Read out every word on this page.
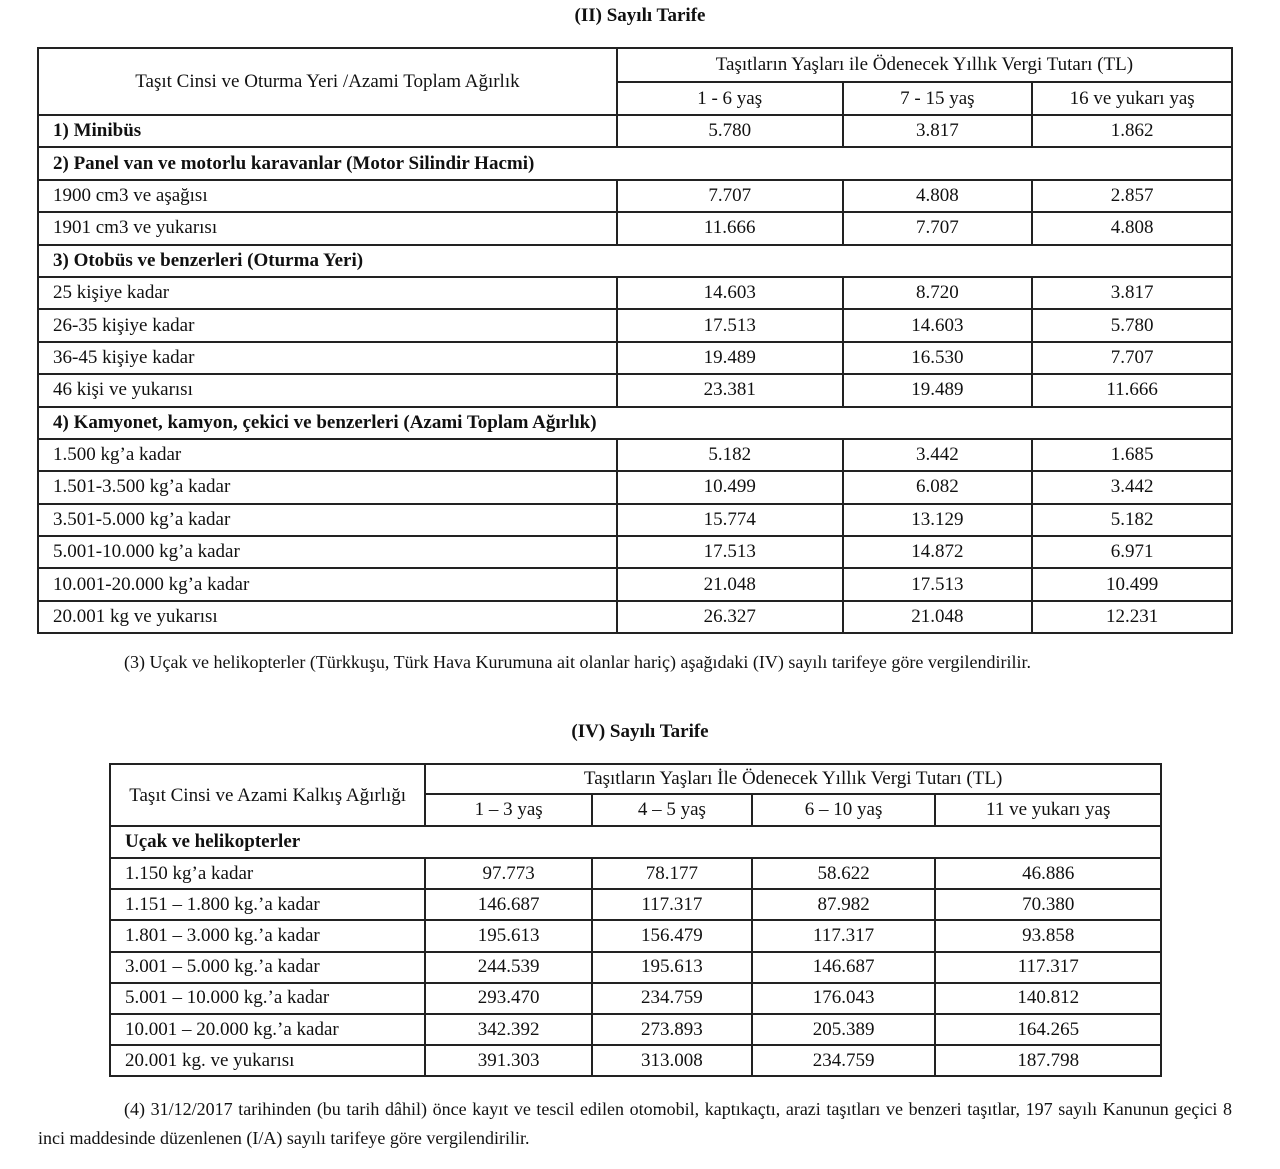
(II) Sayılı Tarife
Taşıt Cinsi ve Oturma Yeri /Azami Toplam Ağırlık	Taşıtların Yaşları ile Ödenecek Yıllık Vergi Tutarı (TL)		
	1 - 6 yaş	7 - 15 yaş	16 ve yukarı yaş
1) Minibüs	5.780	3.817	1.862
2) Panel van ve motorlu karavanlar (Motor Silindir Hacmi)			
1900 cm3 ve aşağısı	7.707	4.808	2.857
1901 cm3 ve yukarısı	11.666	7.707	4.808
3) Otobüs ve benzerleri (Oturma Yeri)			
25 kişiye kadar	14.603	8.720	3.817
26-35 kişiye kadar	17.513	14.603	5.780
36-45 kişiye kadar	19.489	16.530	7.707
46 kişi ve yukarısı	23.381	19.489	11.666
4) Kamyonet, kamyon, çekici ve benzerleri (Azami Toplam Ağırlık)			
1.500 kg’a kadar	5.182	3.442	1.685
1.501-3.500 kg’a kadar	10.499	6.082	3.442
3.501-5.000 kg’a kadar	15.774	13.129	5.182
5.001-10.000 kg’a kadar	17.513	14.872	6.971
10.001-20.000 kg’a kadar	21.048	17.513	10.499
20.001 kg ve yukarısı	26.327	21.048	12.231
(3) Uçak ve helikopterler (Türkkuşu, Türk Hava Kurumuna ait olanlar hariç) aşağıdaki (IV) sayılı tarifeye göre vergilendirilir.
(IV) Sayılı Tarife
Taşıt Cinsi ve Azami Kalkış Ağırlığı	Taşıtların Yaşları İle Ödenecek Yıllık Vergi Tutarı (TL)			
	1 – 3 yaş	4 – 5 yaş	6 – 10 yaş	11 ve yukarı yaş
Uçak ve helikopterler				
1.150 kg’a kadar	97.773	78.177	58.622	46.886
1.151 – 1.800 kg.’a kadar	146.687	117.317	87.982	70.380
1.801 – 3.000 kg.’a kadar	195.613	156.479	117.317	93.858
3.001 – 5.000 kg.’a kadar	244.539	195.613	146.687	117.317
5.001 – 10.000 kg.’a kadar	293.470	234.759	176.043	140.812
10.001 – 20.000 kg.’a kadar	342.392	273.893	205.389	164.265
20.001 kg. ve yukarısı	391.303	313.008	234.759	187.798
(4) 31/12/2017 tarihinden (bu tarih dâhil) önce kayıt ve tescil edilen otomobil, kaptıkaçtı, arazi taşıtları ve benzeri taşıtlar, 197 sayılı Kanunun geçici 8 inci maddesinde düzenlenen (I/A) sayılı tarifeye göre vergilendirilir.
